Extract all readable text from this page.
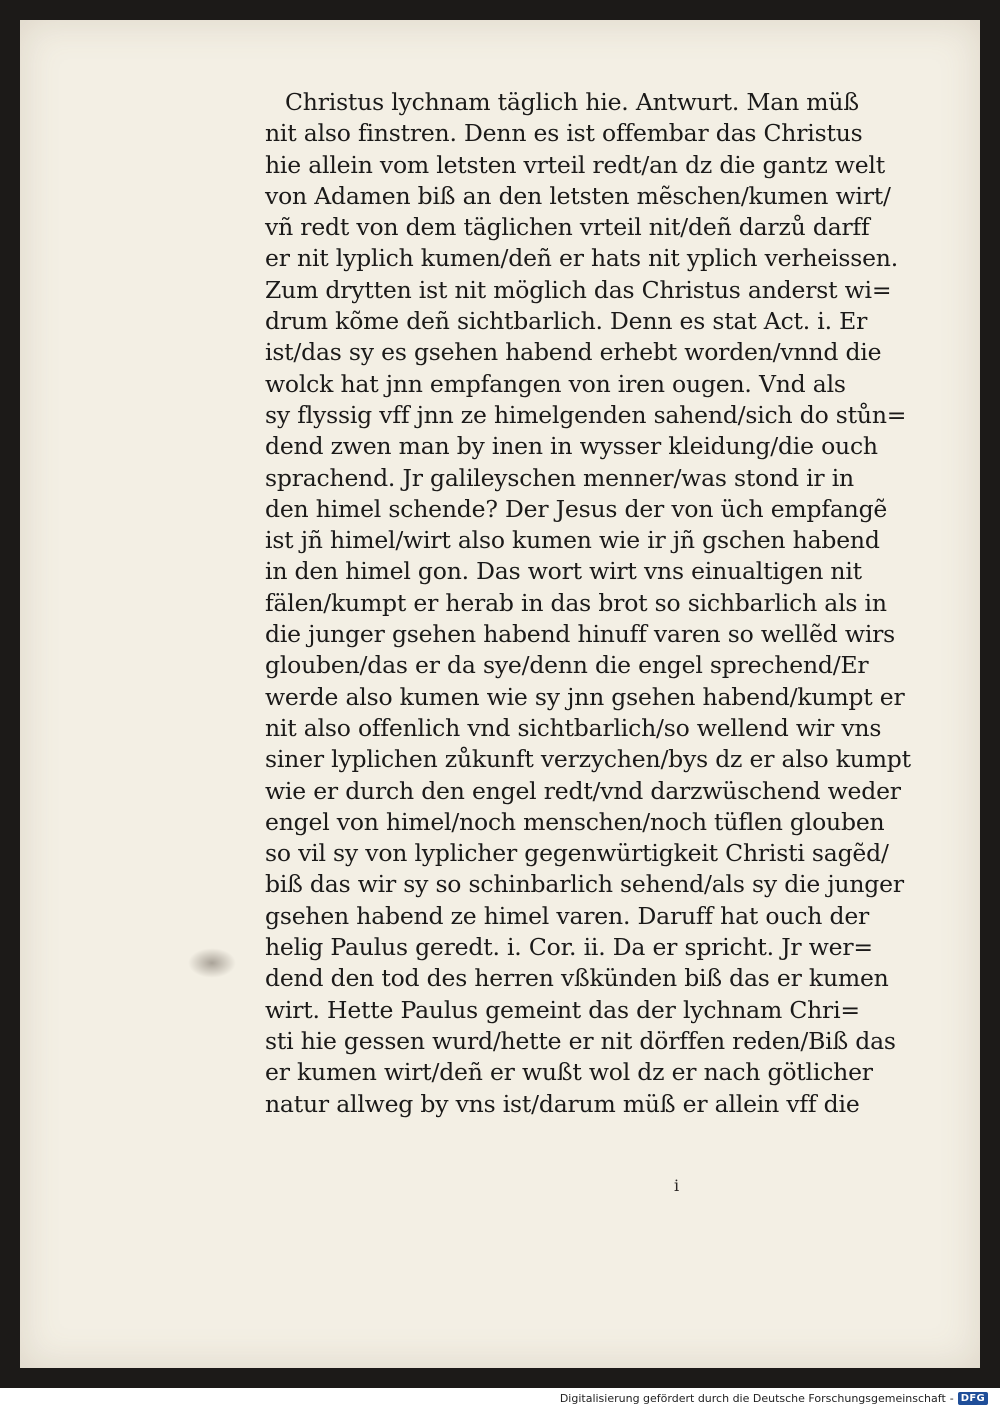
Christus lychnam täglich hie. Antwurt. Man müß
nit also finstren. Denn es ist offembar das Christus
hie allein vom letsten vrteil redt/an dz die gantz welt
von Adamen biß an den letsten mẽschen/kumen wirt/
vñ redt von dem täglichen vrteil nit/deñ darzů darff
er nit lyplich kumen/deñ er hats nit yplich verheissen.
Zum drytten ist nit möglich das Christus anderst wi=
drum kõme deñ sichtbarlich. Denn es stat Act. i. Er
ist/das sy es gsehen habend erhebt worden/vnnd die
wolck hat jnn empfangen von iren ougen. Vnd als
sy flyssig vff jnn ze himelgenden sahend/sich do stůn=
dend zwen man by inen in wysser kleidung/die ouch
sprachend. Jr galileyschen menner/was stond ir in
den himel schende? Der Jesus der von üch empfangẽ
ist jñ himel/wirt also kumen wie ir jñ gschen habend
in den himel gon. Das wort wirt vns einualtigen nit
fälen/kumpt er herab in das brot so sichbarlich als in
die junger gsehen habend hinuff varen so wellẽd wirs
glouben/das er da sye/denn die engel sprechend/Er
werde also kumen wie sy jnn gsehen habend/kumpt er
nit also offenlich vnd sichtbarlich/so wellend wir vns
siner lyplichen zůkunft verzychen/bys dz er also kumpt
wie er durch den engel redt/vnd darzwüschend weder
engel von himel/noch menschen/noch tüflen glouben
so vil sy von lyplicher gegenwürtigkeit Christi sagẽd/
biß das wir sy so schinbarlich sehend/als sy die junger
gsehen habend ze himel varen. Daruff hat ouch der
helig Paulus geredt. i. Cor. ii. Da er spricht. Jr wer=
dend den tod des herren vßkünden biß das er kumen
wirt. Hette Paulus gemeint das der lychnam Chri=
sti hie gessen wurd/hette er nit dörffen reden/Biß das
er kumen wirt/deñ er wußt wol dz er nach götlicher
natur allweg by vns ist/darum müß er allein vff die
i
Digitalisierung gefördert durch die Deutsche Forschungsgemeinschaft - DFG
